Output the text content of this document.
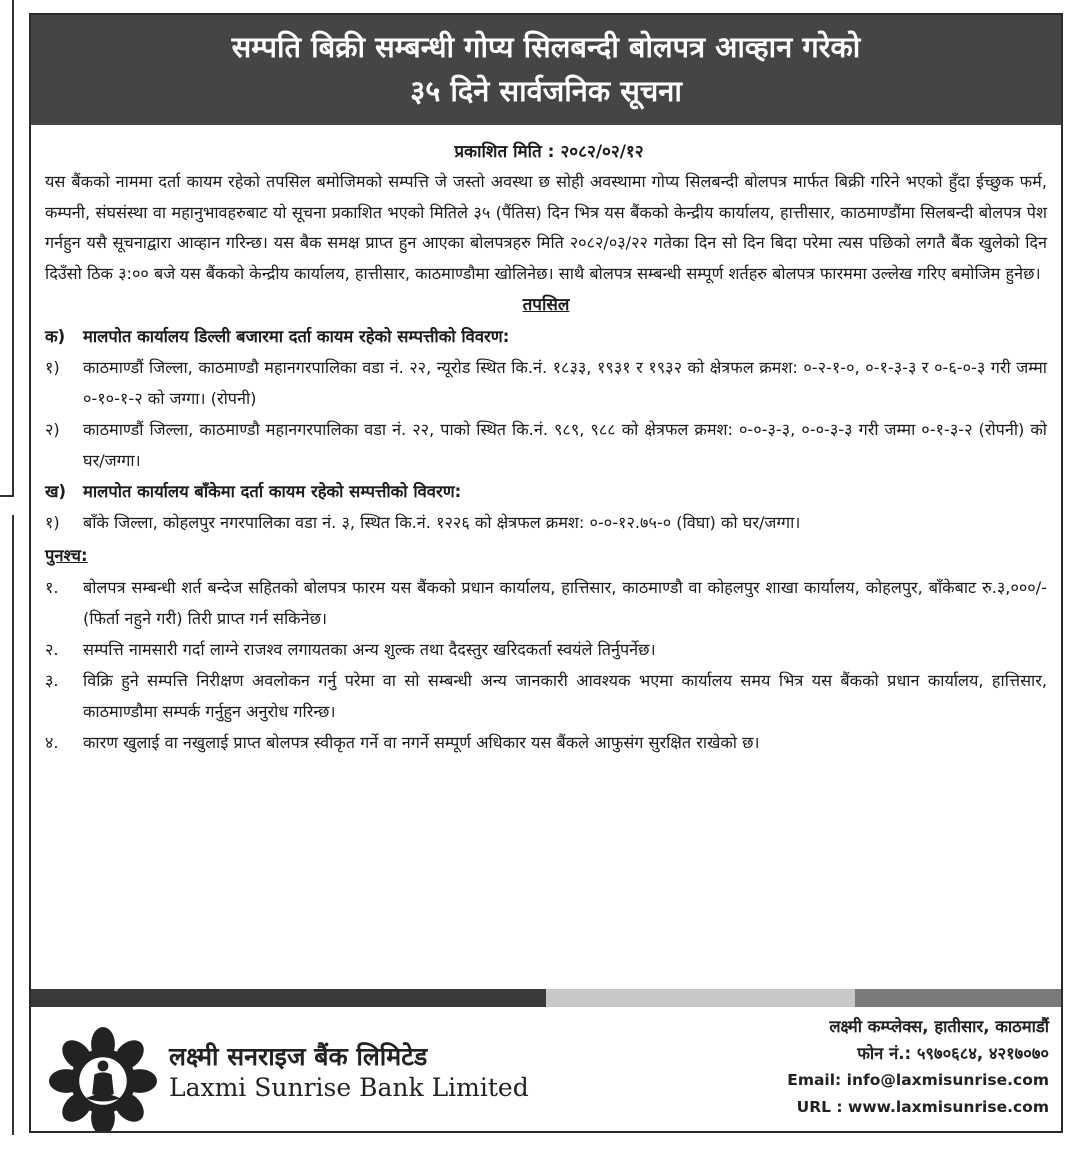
सम्पति बिक्री सम्बन्धी गोप्य सिलबन्दी बोलपत्र आव्हान गरेको
३५ दिने सार्वजनिक सूचना
प्रकाशित मिति : २०८२/०२/१२
यस बैंकको नाममा दर्ता कायम रहेको तपसिल बमोजिमको सम्पत्ति जे जस्तो अवस्था छ सोही अवस्थामा गोप्य सिलबन्दी बोलपत्र मार्फत बिक्री गरिने भएको हुँदा ईच्छुक फर्म, कम्पनी, संघसंस्था वा महानुभावहरुबाट यो सूचना प्रकाशित भएको मितिले ३५ (पैंतिस) दिन भित्र यस बैंकको केन्द्रीय कार्यालय, हात्तीसार, काठमाण्डौंमा सिलबन्दी बोलपत्र पेश गर्नहुन यसै सूचनाद्वारा आव्हान गरिन्छ। यस बैक समक्ष प्राप्त हुन आएका बोलपत्रहरु मिति २०८२/०३/२२ गतेका दिन सो दिन बिदा परेमा त्यस पछिको लगतै बैंक खुलेको दिन दिउँसो ठिक ३:०० बजे यस बैंकको केन्द्रीय कार्यालय, हात्तीसार, काठमाण्डौमा खोलिनेछ। साथै बोलपत्र सम्बन्धी सम्पूर्ण शर्तहरु बोलपत्र फारममा उल्लेख गरिए बमोजिम हुनेछ।
तपसिल
क)	मालपोत कार्यालय डिल्ली बजारमा दर्ता कायम रहेको सम्पत्तीको विवरण:
१)	काठमाण्डौं जिल्ला, काठमाण्डौ महानगरपालिका वडा नं. २२, न्यूरोड स्थित कि.नं. १८३३, १९३१ र १९३२ को क्षेत्रफल क्रमश: ०-२-१-०, ०-१-३-३ र ०-६-०-३ गरी जम्मा ०-१०-१-२ को जग्गा। (रोपनी)
२)	काठमाण्डौं जिल्ला, काठमाण्डौ महानगरपालिका वडा नं. २२, पाको स्थित कि.नं. ९८९, ९८८ को क्षेत्रफल क्रमश: ०-०-३-३, ०-०-३-३ गरी जम्मा ०-१-३-२ (रोपनी) को घर/जग्गा।
ख)	मालपोत कार्यालय बाँकेमा दर्ता कायम रहेको सम्पत्तीको विवरण:
१)	बाँके जिल्ला, कोहलपुर नगरपालिका वडा नं. ३, स्थित कि.नं. १२२६ को क्षेत्रफल क्रमश: ०-०-१२.७५-० (विघा) को घर/जग्गा।
पुनश्च:
१.	बोलपत्र सम्बन्धी शर्त बन्देज सहितको बोलपत्र फारम यस बैंकको प्रधान कार्यालय, हात्तिसार, काठमाण्डौ वा कोहलपुर शाखा कार्यालय, कोहलपुर, बाँकेबाट रु.३,०००/- (फिर्ता नहुने गरी) तिरी प्राप्त गर्न सकिनेछ।
२.	सम्पत्ति नामसारी गर्दा लाग्ने राजश्व लगायतका अन्य शुल्क तथा दैदस्तुर खरिदकर्ता स्वयंले तिर्नुपर्नेछ।
३.	विक्रि हुने सम्पत्ति निरीक्षण अवलोकन गर्नु परेमा वा सो सम्बन्धी अन्य जानकारी आवश्यक भएमा कार्यालय समय भित्र यस बैंकको प्रधान कार्यालय, हात्तिसार, काठमाण्डौमा सम्पर्क गर्नुहुन अनुरोध गरिन्छ।
४.	कारण खुलाई वा नखुलाई प्राप्त बोलपत्र स्वीकृत गर्ने वा नगर्ने सम्पूर्ण अधिकार यस बैंकले आफुसंग सुरक्षित राखेको छ।
लक्ष्मी सनराइज बैंक लिमिटेड
Laxmi Sunrise Bank Limited
लक्ष्मी कम्प्लेक्स, हातीसार, काठमाडौं
फोन नं.: ५९७०६८४, ४२१७०७०
Email: info@laxmisunrise.com
URL : www.laxmisunrise.com
